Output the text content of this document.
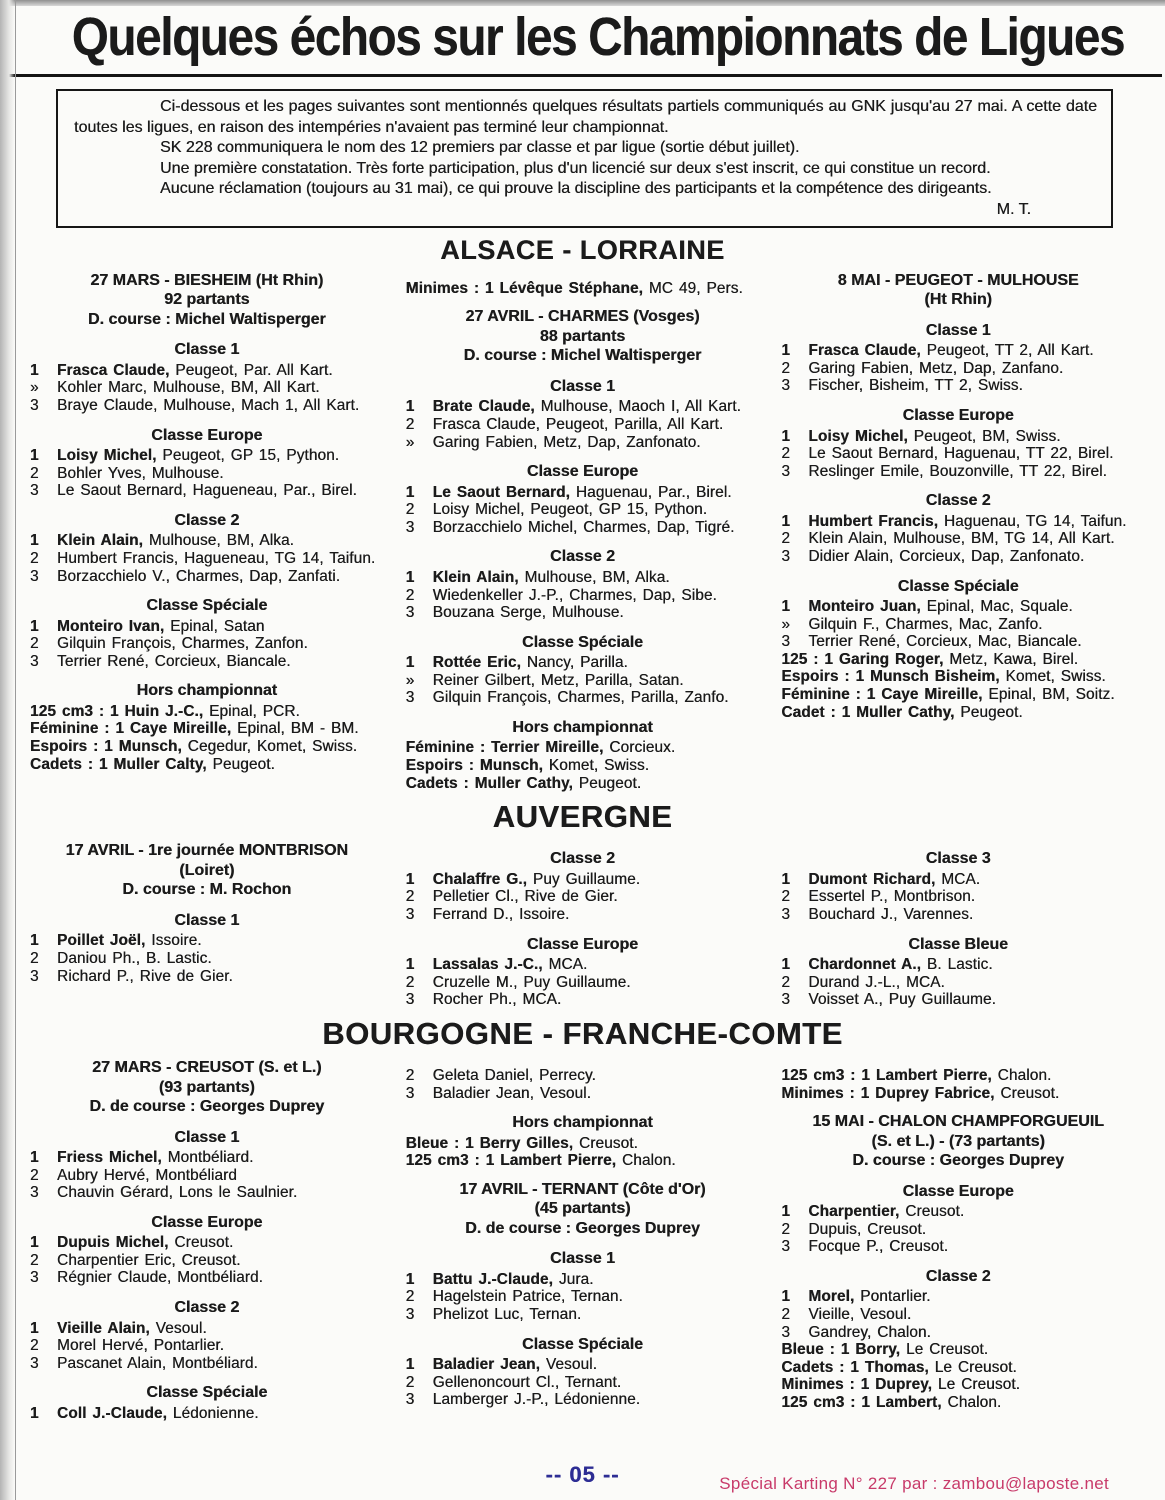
Quelques échos sur les Championnats de Ligues

Ci-dessous et les pages suivantes sont mentionnés quelques résultats partiels communiqués au GNK jusqu'au 27 mai. A cette date toutes les ligues, en raison des intempéries n'avaient pas terminé leur championnat.

SK 228 communiquera le nom des 12 premiers par classe et par ligue (sortie début juillet).

Une première constatation. Très forte participation, plus d'un licencié sur deux s'est inscrit, ce qui constitue un record.

Aucune réclamation (toujours au 31 mai), ce qui prouve la discipline des participants et la compétence des dirigeants.

M. T.
ALSACE - LORRAINE
27 MARS - BIESHEIM (Ht Rhin)
92 partants
D. course : Michel Waltisperger
Classe 1
1 Frasca Claude, Peugeot, Par. All Kart.
» Kohler Marc, Mulhouse, BM, All Kart.
3 Braye Claude, Mulhouse, Mach 1, All Kart.
Classe Europe
1 Loisy Michel, Peugeot, GP 15, Python.
2 Bohler Yves, Mulhouse.
3 Le Saout Bernard, Hagueneau, Par., Birel.
Classe 2
1 Klein Alain, Mulhouse, BM, Alka.
2 Humbert Francis, Hagueneau, TG 14, Taifun.
3 Borzacchielo V., Charmes, Dap, Zanfati.
Classe Spéciale
1 Monteiro Ivan, Epinal, Satan
2 Gilquin François, Charmes, Zanfon.
3 Terrier René, Corcieux, Biancale.
Hors championnat
125 cm3 : 1 Huin J.-C., Epinal, PCR.
Féminine : 1 Caye Mireille, Epinal, BM - BM.
Espoirs : 1 Munsch, Cegedur, Komet, Swiss.
Cadets : 1 Muller Calty, Peugeot.
Minimes : 1 Lévêque Stéphane, MC 49, Pers.
27 AVRIL - CHARMES (Vosges)
88 partants
D. course : Michel Waltisperger
Classe 1
1 Brate Claude, Mulhouse, Maoch I, All Kart.
2 Frasca Claude, Peugeot, Parilla, All Kart.
» Garing Fabien, Metz, Dap, Zanfonato.
Classe Europe
1 Le Saout Bernard, Haguenau, Par., Birel.
2 Loisy Michel, Peugeot, GP 15, Python.
3 Borzacchielo Michel, Charmes, Dap, Tigré.
Classe 2
1 Klein Alain, Mulhouse, BM, Alka.
2 Wiedenkeller J.-P., Charmes, Dap, Sibe.
3 Bouzana Serge, Mulhouse.
Classe Spéciale
1 Rottée Eric, Nancy, Parilla.
» Reiner Gilbert, Metz, Parilla, Satan.
3 Gilquin François, Charmes, Parilla, Zanfo.
Hors championnat
Féminine : Terrier Mireille, Corcieux.
Espoirs : Munsch, Komet, Swiss.
Cadets : Muller Cathy, Peugeot.
8 MAI - PEUGEOT - MULHOUSE
(Ht Rhin)
Classe 1
1 Frasca Claude, Peugeot, TT 2, All Kart.
2 Garing Fabien, Metz, Dap, Zanfano.
3 Fischer, Bisheim, TT 2, Swiss.
Classe Europe
1 Loisy Michel, Peugeot, BM, Swiss.
2 Le Saout Bernard, Haguenau, TT 22, Birel.
3 Reslinger Emile, Bouzonville, TT 22, Birel.
Classe 2
1 Humbert Francis, Haguenau, TG 14, Taifun.
2 Klein Alain, Mulhouse, BM, TG 14, All Kart.
3 Didier Alain, Corcieux, Dap, Zanfonato.
Classe Spéciale
1 Monteiro Juan, Epinal, Mac, Squale.
» Gilquin F., Charmes, Mac, Zanfo.
3 Terrier René, Corcieux, Mac, Biancale.
125 : 1 Garing Roger, Metz, Kawa, Birel.
Espoirs : 1 Munsch Bisheim, Komet, Swiss.
Féminine : 1 Caye Mireille, Epinal, BM, Soitz.
Cadet : 1 Muller Cathy, Peugeot.
AUVERGNE
17 AVRIL - 1re journée MONTBRISON
(Loiret)
D. course : M. Rochon
Classe 1
1 Poillet Joël, Issoire.
2 Daniou Ph., B. Lastic.
3 Richard P., Rive de Gier.
Classe 2
1 Chalaffre G., Puy Guillaume.
2 Pelletier Cl., Rive de Gier.
3 Ferrand D., Issoire.
Classe Europe
1 Lassalas J.-C., MCA.
2 Cruzelle M., Puy Guillaume.
3 Rocher Ph., MCA.
Classe 3
1 Dumont Richard, MCA.
2 Essertel P., Montbrison.
3 Bouchard J., Varennes.
Classe Bleue
1 Chardonnet A., B. Lastic.
2 Durand J.-L., MCA.
3 Voisset A., Puy Guillaume.
BOURGOGNE - FRANCHE-COMTE
27 MARS - CREUSOT (S. et L.)
(93 partants)
D. de course : Georges Duprey
Classe 1
1 Friess Michel, Montbéliard.
2 Aubry Hervé, Montbéliard
3 Chauvin Gérard, Lons le Saulnier.
Classe Europe
1 Dupuis Michel, Creusot.
2 Charpentier Eric, Creusot.
3 Régnier Claude, Montbéliard.
Classe 2
1 Vieille Alain, Vesoul.
2 Morel Hervé, Pontarlier.
3 Pascanet Alain, Montbéliard.
Classe Spéciale
1 Coll J.-Claude, Lédonienne.
2 Geleta Daniel, Perrecy.
3 Baladier Jean, Vesoul.
Hors championnat
Bleue : 1 Berry Gilles, Creusot.
125 cm3 : 1 Lambert Pierre, Chalon.
17 AVRIL - TERNANT (Côte d'Or)
(45 partants)
D. de course : Georges Duprey
Classe 1
1 Battu J.-Claude, Jura.
2 Hagelstein Patrice, Ternan.
3 Phelizot Luc, Ternan.
Classe Spéciale
1 Baladier Jean, Vesoul.
2 Gellenoncourt Cl., Ternant.
3 Lamberger J.-P., Lédonienne.
125 cm3 : 1 Lambert Pierre, Chalon.
Minimes : 1 Duprey Fabrice, Creusot.
15 MAI - CHALON CHAMPFORGUEUIL
(S. et L.) - (73 partants)
D. course : Georges Duprey
Classe Europe
1 Charpentier, Creusot.
2 Dupuis, Creusot.
3 Focque P., Creusot.
Classe 2
1 Morel, Pontarlier.
2 Vieille, Vesoul.
3 Gandrey, Chalon.
Bleue : 1 Borry, Le Creusot.
Cadets : 1 Thomas, Le Creusot.
Minimes : 1 Duprey, Le Creusot.
125 cm3 : 1 Lambert, Chalon.
-- 05 --	Spécial Karting N° 227 par : zambou@laposte.net
